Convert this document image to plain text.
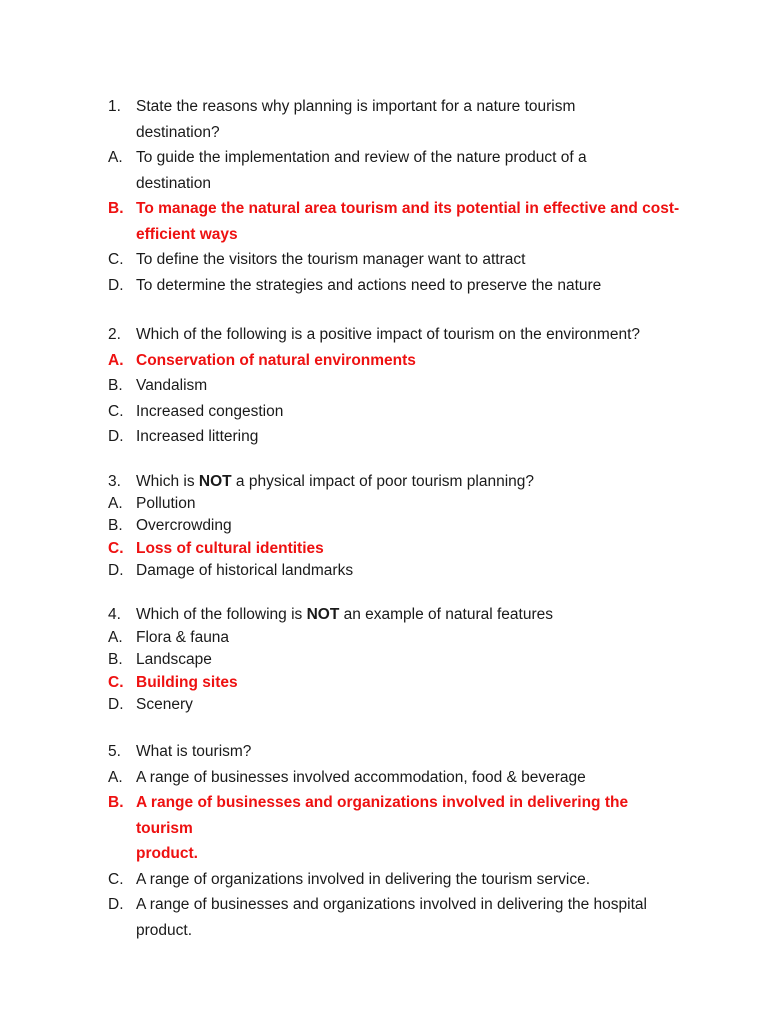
1. State the reasons why planning is important for a nature tourism
destination?
A. To guide the implementation and review of the nature product of a
destination
B. To manage the natural area tourism and its potential in effective and cost-
efficient ways
C. To define the visitors the tourism manager want to attract
D. To determine the strategies and actions need to preserve the nature
2. Which of the following is a positive impact of tourism on the environment?
A. Conservation of natural environments
B. Vandalism
C. Increased congestion
D. Increased littering
3. Which is NOT a physical impact of poor tourism planning?
A. Pollution
B. Overcrowding
C. Loss of cultural identities
D. Damage of historical landmarks
4. Which of the following is NOT an example of natural features
A. Flora & fauna
B. Landscape
C. Building sites
D. Scenery
5. What is tourism?
A. A range of businesses involved accommodation, food & beverage
B. A range of businesses and organizations involved in delivering the tourism
product.
C. A range of organizations involved in delivering the tourism service.
D. A range of businesses and organizations involved in delivering the hospital
product.
